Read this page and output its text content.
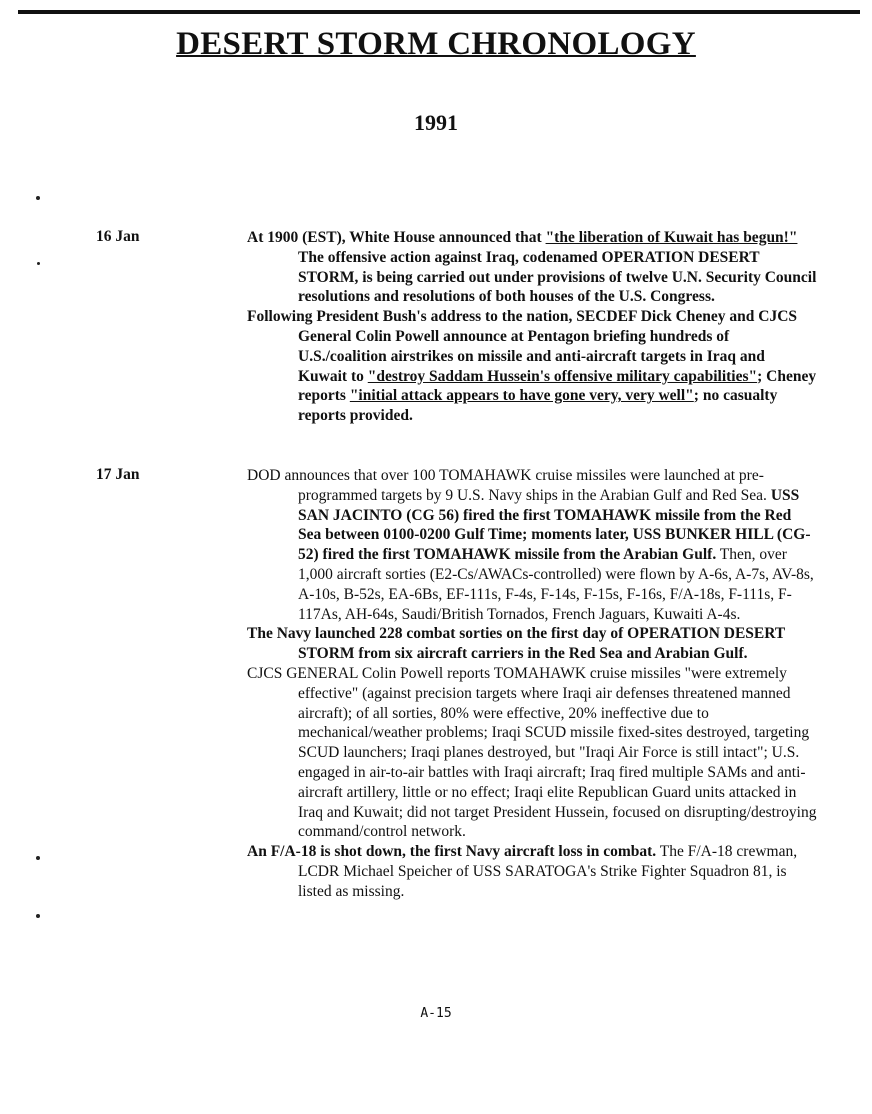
DESERT STORM CHRONOLOGY
1991
16 Jan	At 1900 (EST), White House announced that "the liberation of Kuwait has begun!" The offensive action against Iraq, codenamed OPERATION DESERT STORM, is being carried out under provisions of twelve U.N. Security Council resolutions and resolutions of both houses of the U.S. Congress.

Following President Bush's address to the nation, SECDEF Dick Cheney and CJCS General Colin Powell announce at Pentagon briefing hundreds of U.S./coalition airstrikes on missile and anti-aircraft targets in Iraq and Kuwait to "destroy Saddam Hussein's offensive military capabilities"; Cheney reports "initial attack appears to have gone very, very well"; no casualty reports provided.

17 Jan	DOD announces that over 100 TOMAHAWK cruise missiles were launched at pre-programmed targets by 9 U.S. Navy ships in the Arabian Gulf and Red Sea. USS SAN JACINTO (CG 56) fired the first TOMAHAWK missile from the Red Sea between 0100-0200 Gulf Time; moments later, USS BUNKER HILL (CG-52) fired the first TOMAHAWK missile from the Arabian Gulf. Then, over 1,000 aircraft sorties (E2-Cs/AWACs-controlled) were flown by A-6s, A-7s, AV-8s, A-10s, B-52s, EA-6Bs, EF-111s, F-4s, F-14s, F-15s, F-16s, F/A-18s, F-111s, F-117As, AH-64s, Saudi/British Tornados, French Jaguars, Kuwaiti A-4s.

The Navy launched 228 combat sorties on the first day of OPERATION DESERT STORM from six aircraft carriers in the Red Sea and Arabian Gulf.

CJCS GENERAL Colin Powell reports TOMAHAWK cruise missiles "were extremely effective" (against precision targets where Iraqi air defenses threatened manned aircraft); of all sorties, 80% were effective, 20% ineffective due to mechanical/weather problems; Iraqi SCUD missile fixed-sites destroyed, targeting SCUD launchers; Iraqi planes destroyed, but "Iraqi Air Force is still intact"; U.S. engaged in air-to-air battles with Iraqi aircraft; Iraq fired multiple SAMs and anti-aircraft artillery, little or no effect; Iraqi elite Republican Guard units attacked in Iraq and Kuwait; did not target President Hussein, focused on disrupting/destroying command/control network.

An F/A-18 is shot down, the first Navy aircraft loss in combat. The F/A-18 crewman, LCDR Michael Speicher of USS SARATOGA's Strike Fighter Squadron 81, is listed as missing.

A-15
